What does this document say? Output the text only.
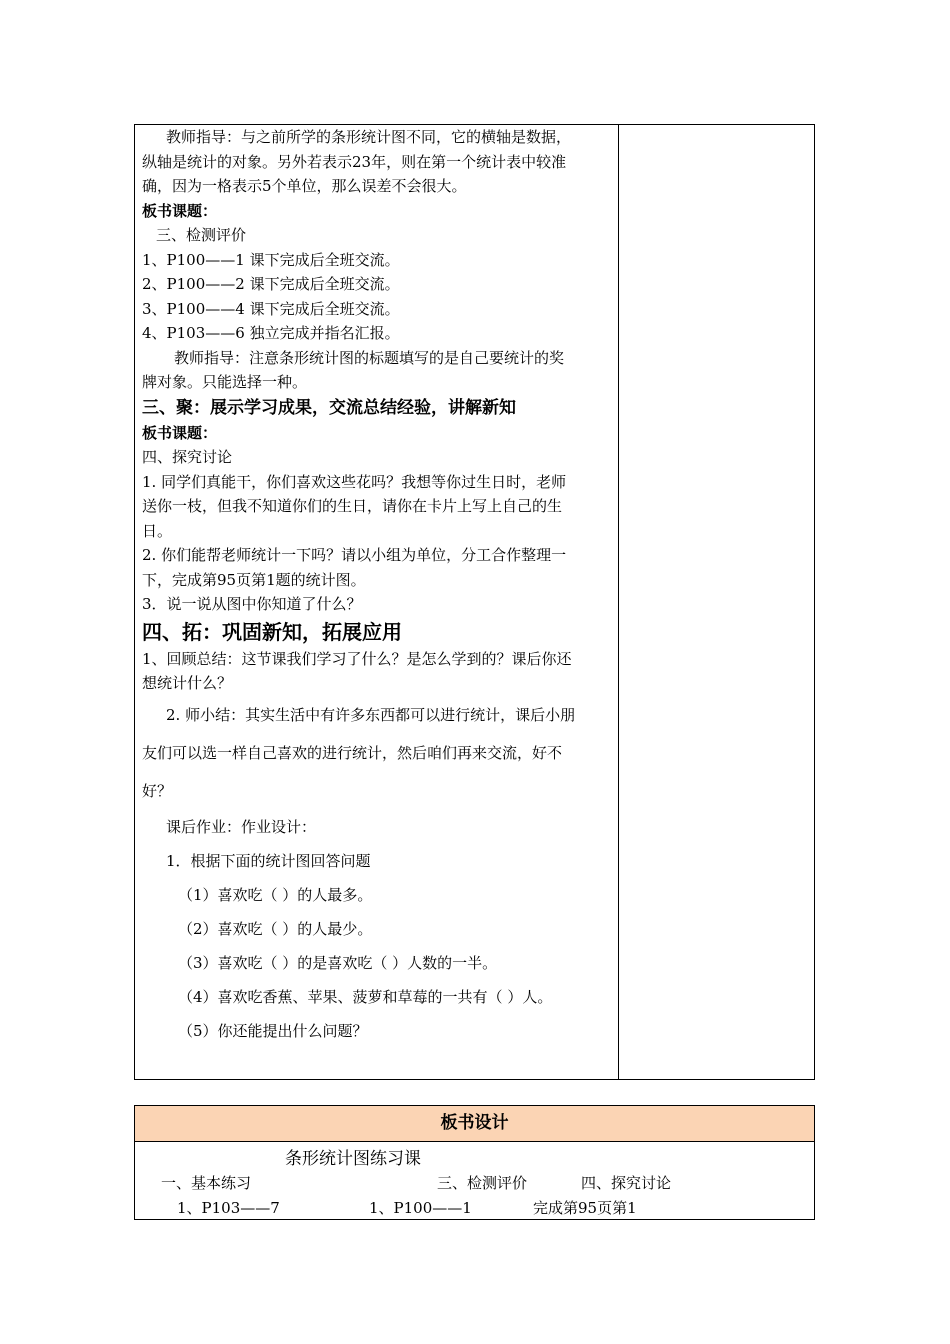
教师指导：与之前所学的条形统计图不同，它的横轴是数据，
纵轴是统计的对象。另外若表示23年，则在第一个统计表中较准
确，因为一格表示5个单位，那么误差不会很大。
板书课题：
三、检测评价
1、P100——1 课下完成后全班交流。
2、P100——2 课下完成后全班交流。
3、P100——4 课下完成后全班交流。
4、P103——6 独立完成并指名汇报。
教师指导：注意条形统计图的标题填写的是自己要统计的奖
牌对象。只能选择一种。
三、聚：展示学习成果，交流总结经验，讲解新知
板书课题：
四、探究讨论
1. 同学们真能干，你们喜欢这些花吗？我想等你过生日时，老师
送你一枝，但我不知道你们的生日，请你在卡片上写上自己的生
日。
2. 你们能帮老师统计一下吗？请以小组为单位，分工合作整理一
下，完成第95页第1题的统计图。
3．说一说从图中你知道了什么？
四、拓：巩固新知，拓展应用
1、回顾总结：这节课我们学习了什么？是怎么学到的？课后你还
想统计什么？
2. 师小结：其实生活中有许多东西都可以进行统计，课后小朋
友们可以选一样自己喜欢的进行统计，然后咱们再来交流，好不
好？
课后作业：作业设计：
1．根据下面的统计图回答问题
（1）喜欢吃（ ）的人最多。
（2）喜欢吃（ ）的人最少。
（3）喜欢吃（ ）的是喜欢吃（ ）人数的一半。
（4）喜欢吃香蕉、苹果、菠萝和草莓的一共有（ ）人。
（5）你还能提出什么问题？
板书设计
条形统计图练习课
一、基本练习	三、检测评价	四、探究讨论
1、P103——7	1、P100——1	完成第95页第1
